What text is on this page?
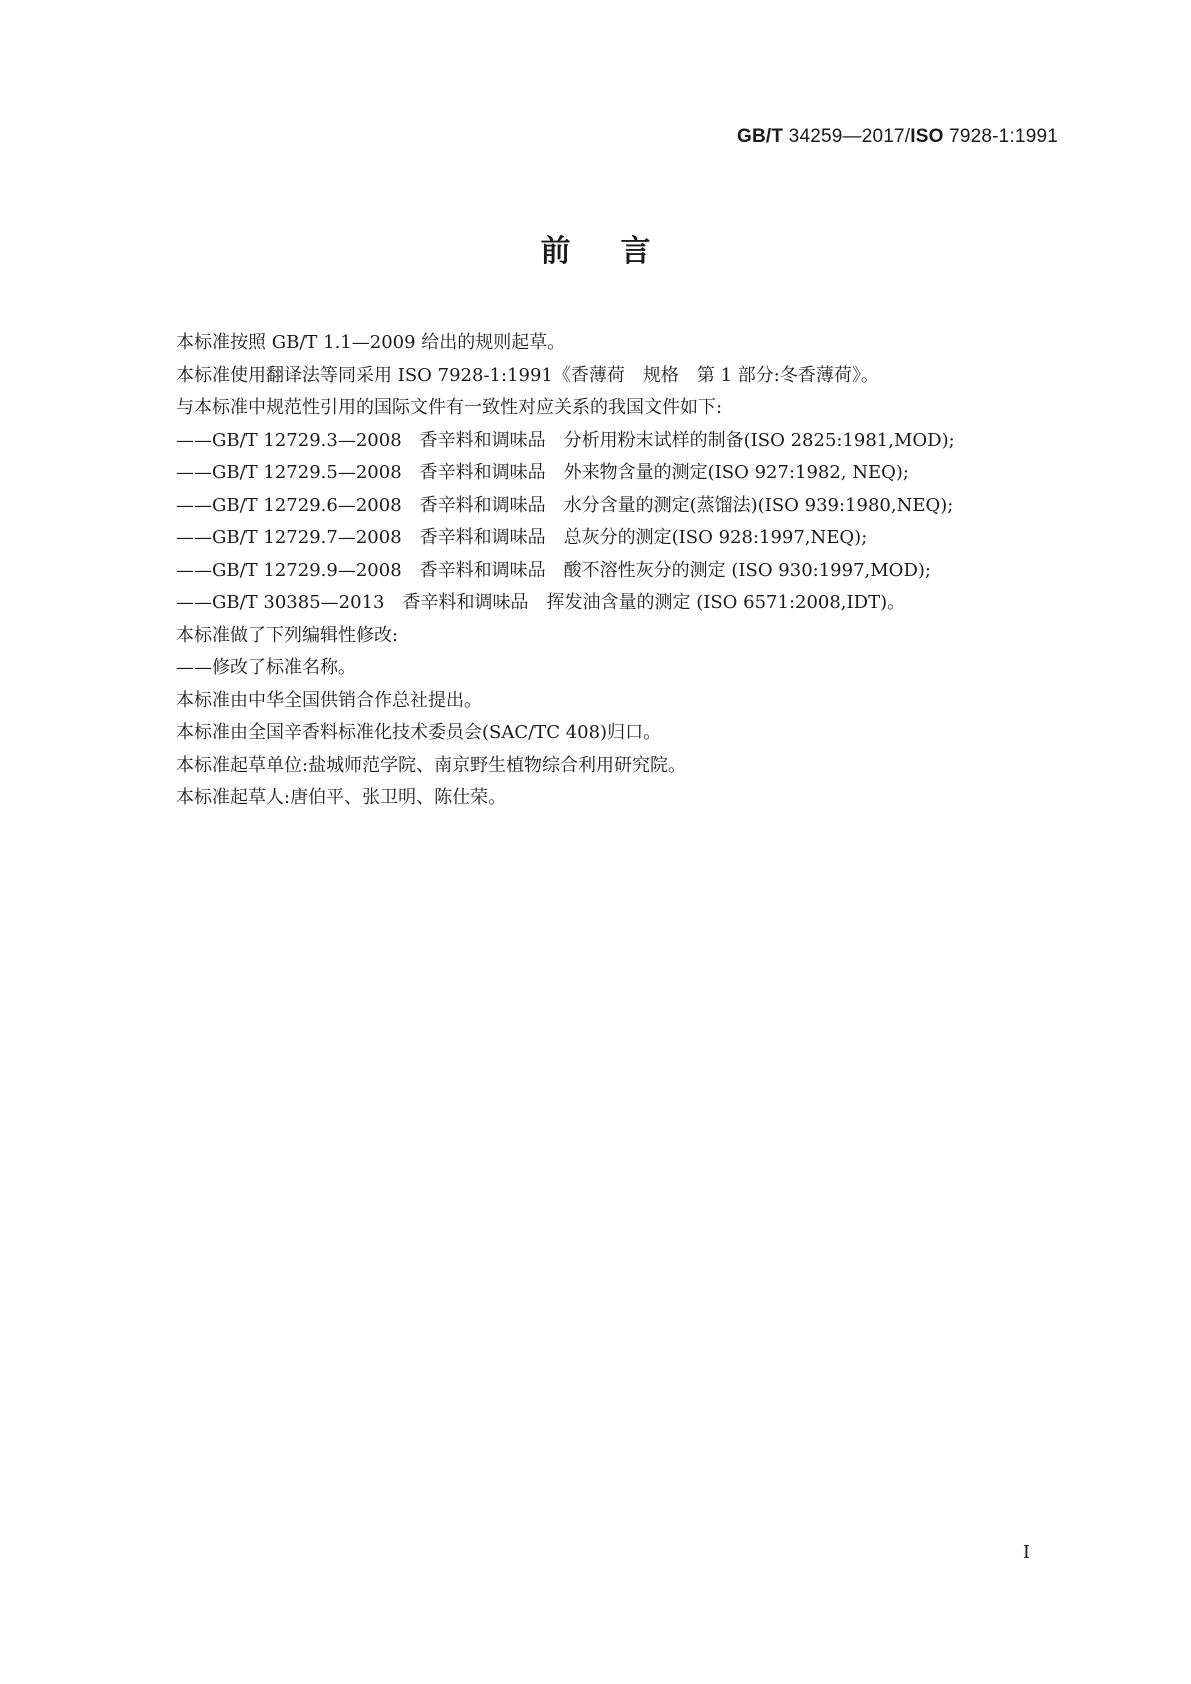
GB/T 34259—2017/ISO 7928-1:1991
前言
本标准按照 GB/T 1.1—2009 给出的规则起草。
本标准使用翻译法等同采用 ISO 7928-1:1991《香薄荷　规格　第 1 部分:冬香薄荷》。
与本标准中规范性引用的国际文件有一致性对应关系的我国文件如下:
——GB/T 12729.3—2008　香辛料和调味品　分析用粉末试样的制备(ISO 2825:1981,MOD);
——GB/T 12729.5—2008　香辛料和调味品　外来物含量的测定(ISO 927:1982, NEQ);
——GB/T 12729.6—2008　香辛料和调味品　水分含量的测定(蒸馏法)(ISO 939:1980,NEQ);
——GB/T 12729.7—2008　香辛料和调味品　总灰分的测定(ISO 928:1997,NEQ);
——GB/T 12729.9—2008　香辛料和调味品　酸不溶性灰分的测定 (ISO 930:1997,MOD);
——GB/T 30385—2013　香辛料和调味品　挥发油含量的测定 (ISO 6571:2008,IDT)。
本标准做了下列编辑性修改:
——修改了标准名称。
本标准由中华全国供销合作总社提出。
本标准由全国辛香料标准化技术委员会(SAC/TC 408)归口。
本标准起草单位:盐城师范学院、南京野生植物综合利用研究院。
本标准起草人:唐伯平、张卫明、陈仕荣。
I
